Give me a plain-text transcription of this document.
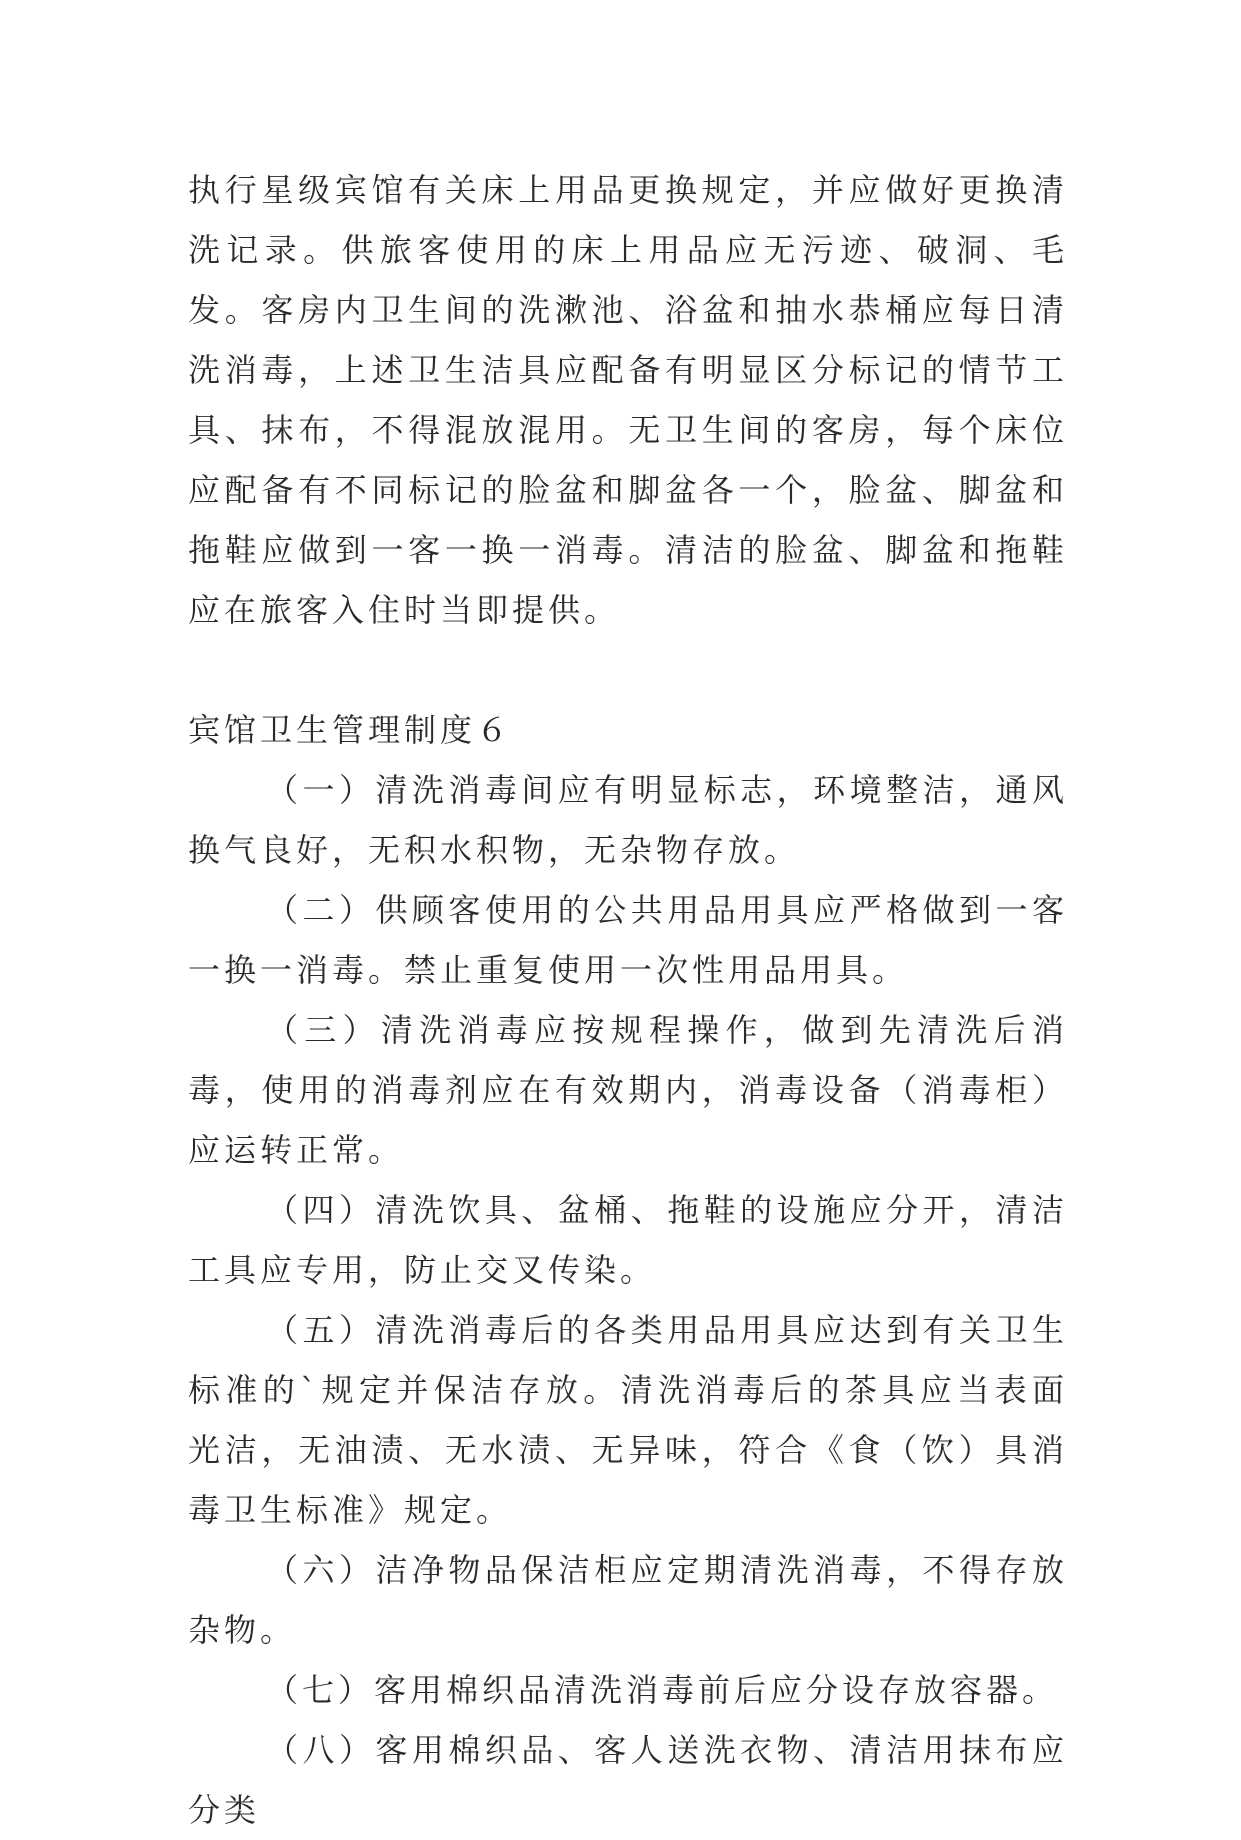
执行星级宾馆有关床上用品更换规定，并应做好更换清洗记录。供旅客使用的床上用品应无污迹、破洞、毛发。客房内卫生间的洗漱池、浴盆和抽水恭桶应每日清洗消毒，上述卫生洁具应配备有明显区分标记的情节工具、抹布，不得混放混用。无卫生间的客房，每个床位应配备有不同标记的脸盆和脚盆各一个，脸盆、脚盆和拖鞋应做到一客一换一消毒。清洁的脸盆、脚盆和拖鞋应在旅客入住时当即提供。

宾馆卫生管理制度６

（一）清洗消毒间应有明显标志，环境整洁，通风换气良好，无积水积物，无杂物存放。

（二）供顾客使用的公共用品用具应严格做到一客一换一消毒。禁止重复使用一次性用品用具。

（三）清洗消毒应按规程操作，做到先清洗后消毒，使用的消毒剂应在有效期内，消毒设备（消毒柜）应运转正常。

（四）清洗饮具、盆桶、拖鞋的设施应分开，清洁工具应专用，防止交叉传染。

（五）清洗消毒后的各类用品用具应达到有关卫生标准的`规定并保洁存放。清洗消毒后的茶具应当表面光洁，无油渍、无水渍、无异味，符合《食（饮）具消毒卫生标准》规定。

（六）洁净物品保洁柜应定期清洗消毒，不得存放杂物。

（七）客用棉织品清洗消毒前后应分设存放容器。

（八）客用棉织品、客人送洗衣物、清洁用抹布应分类
